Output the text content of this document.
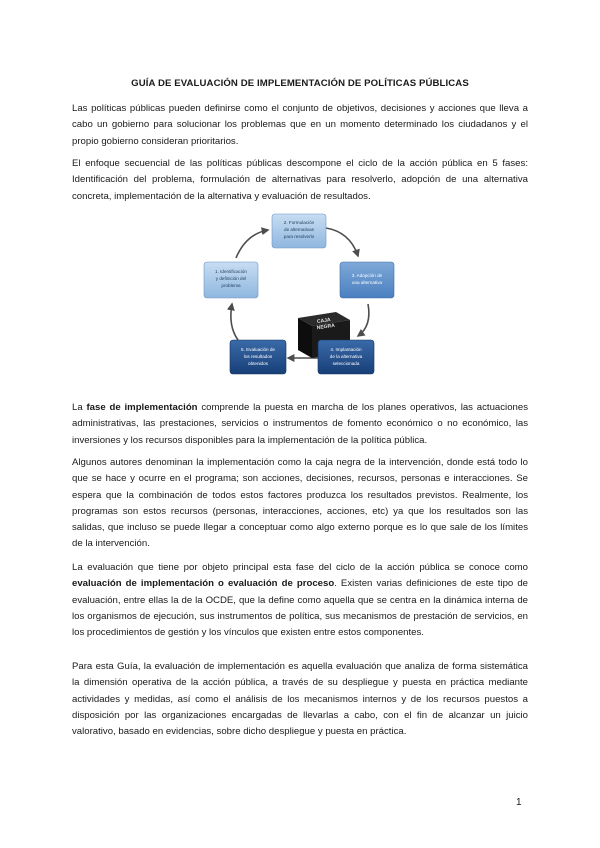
GUÍA DE EVALUACIÓN DE IMPLEMENTACIÓN DE POLÍTICAS PÚBLICAS

Las políticas públicas pueden definirse como el conjunto de objetivos, decisiones y acciones que lleva a cabo un gobierno para solucionar los problemas que en un momento determinado los ciudadanos y el propio gobierno consideran prioritarios.

El enfoque secuencial de las políticas públicas descompone el ciclo de la acción pública en 5 fases: Identificación del problema, formulación de alternativas para resolverlo, adopción de una alternativa concreta, implementación de la alternativa y evaluación de resultados.

2. Formulación
de alternativas
para resolverlo
1. Identificación
y definición del
problema
3. Adopción de
una alternativa
CAJA
NEGRA
5. Evaluación de
los resultados
obtenidos
4. Implantación
de la alternativa
seleccionada

La fase de implementación comprende la puesta en marcha de los planes operativos, las actuaciones administrativas, las prestaciones, servicios o instrumentos de fomento económico o no económico, las inversiones y los recursos disponibles para la implementación de la política pública.

Algunos autores denominan la implementación como la caja negra de la intervención, donde está todo lo que se hace y ocurre en el programa; son acciones, decisiones, recursos, personas e interacciones. Se espera que la combinación de todos estos factores produzca los resultados previstos. Realmente, los programas son estos recursos (personas, interacciones, acciones, etc) ya que los resultados son las salidas, que incluso se puede llegar a conceptuar como algo externo porque es lo que sale de los límites de la intervención.

La evaluación que tiene por objeto principal esta fase del ciclo de la acción pública se conoce como evaluación de implementación o evaluación de proceso. Existen varias definiciones de este tipo de evaluación, entre ellas la de la OCDE, que la define como aquella que se centra en la dinámica interna de los organismos de ejecución, sus instrumentos de política, sus mecanismos de prestación de servicios, en los procedimientos de gestión y los vínculos que existen entre estos componentes.

Para esta Guía, la evaluación de implementación es aquella evaluación que analiza de forma sistemática la dimensión operativa de la acción pública, a través de su despliegue y puesta en práctica mediante actividades y medidas, así como el análisis de los mecanismos internos y de los recursos puestos a disposición por las organizaciones encargadas de llevarlas a cabo, con el fin de alcanzar un juicio valorativo, basado en evidencias, sobre dicho despliegue y puesta en práctica.

1
